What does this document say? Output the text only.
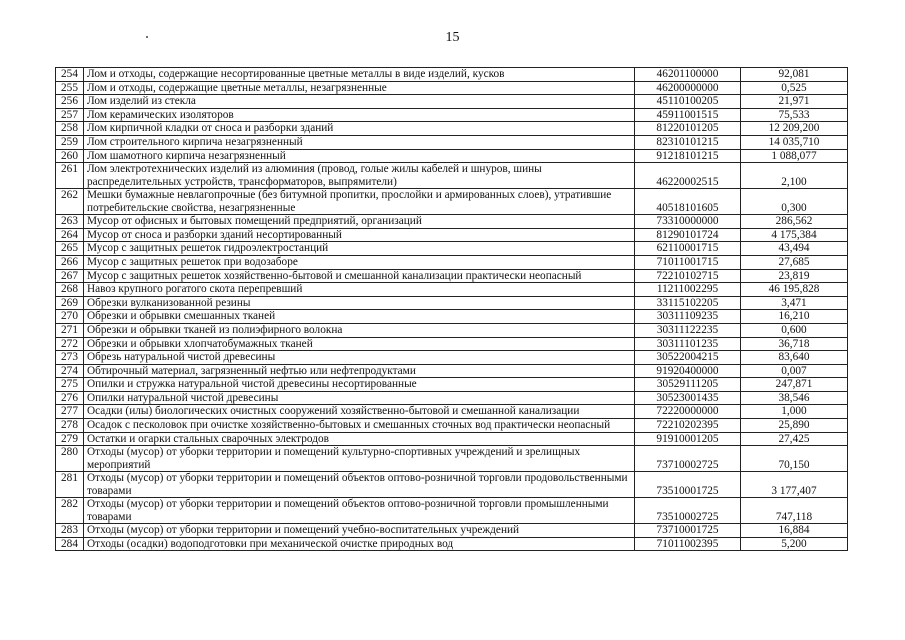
15
254	Лом и отходы, содержащие несортированные цветные металлы в виде изделий, кусков	46201100000	92,081
255	Лом и отходы, содержащие цветные металлы, незагрязненные	46200000000	0,525
256	Лом изделий из стекла	45110100205	21,971
257	Лом керамических изоляторов	45911001515	75,533
258	Лом кирпичной кладки от сноса и разборки зданий	81220101205	12 209,200
259	Лом строительного кирпича незагрязненный	82310101215	14 035,710
260	Лом шамотного кирпича незагрязненный	91218101215	1 088,077
261	Лом электротехнических изделий из алюминия (провод, голые жилы кабелей и шнуров, шины распределительных устройств, трансформаторов, выпрямители)	46220002515	2,100
262	Мешки бумажные невлагопрочные (без битумной пропитки, прослойки и армированных слоев), утратившие потребительские свойства, незагрязненные	40518101605	0,300
263	Мусор от офисных и бытовых помещений предприятий, организаций	73310000000	286,562
264	Мусор от сноса и разборки зданий несортированный	81290101724	4 175,384
265	Мусор с защитных решеток гидроэлектростанций	62110001715	43,494
266	Мусор с защитных решеток при водозаборе	71011001715	27,685
267	Мусор с защитных решеток хозяйственно-бытовой и смешанной канализации практически неопасный	72210102715	23,819
268	Навоз крупного рогатого скота перепревший	11211002295	46 195,828
269	Обрезки вулканизованной резины	33115102205	3,471
270	Обрезки и обрывки смешанных тканей	30311109235	16,210
271	Обрезки и обрывки тканей из полиэфирного волокна	30311122235	0,600
272	Обрезки и обрывки хлопчатобумажных тканей	30311101235	36,718
273	Обрезь натуральной чистой древесины	30522004215	83,640
274	Обтирочный материал, загрязненный нефтью или нефтепродуктами	91920400000	0,007
275	Опилки и стружка натуральной чистой древесины несортированные	30529111205	247,871
276	Опилки натуральной чистой древесины	30523001435	38,546
277	Осадки (илы) биологических очистных сооружений хозяйственно-бытовой и смешанной канализации	72220000000	1,000
278	Осадок с песколовок при очистке хозяйственно-бытовых и смешанных сточных вод практически неопасный	72210202395	25,890
279	Остатки и огарки стальных сварочных электродов	91910001205	27,425
280	Отходы (мусор) от уборки территории и помещений культурно-спортивных учреждений и зрелищных мероприятий	73710002725	70,150
281	Отходы (мусор) от уборки территории и помещений объектов оптово-розничной торговли продовольственными товарами	73510001725	3 177,407
282	Отходы (мусор) от уборки территории и помещений объектов оптово-розничной торговли промышленными товарами	73510002725	747,118
283	Отходы (мусор) от уборки территории и помещений учебно-воспитательных учреждений	73710001725	16,884
284	Отходы (осадки) водоподготовки при механической очистке природных вод	71011002395	5,200
